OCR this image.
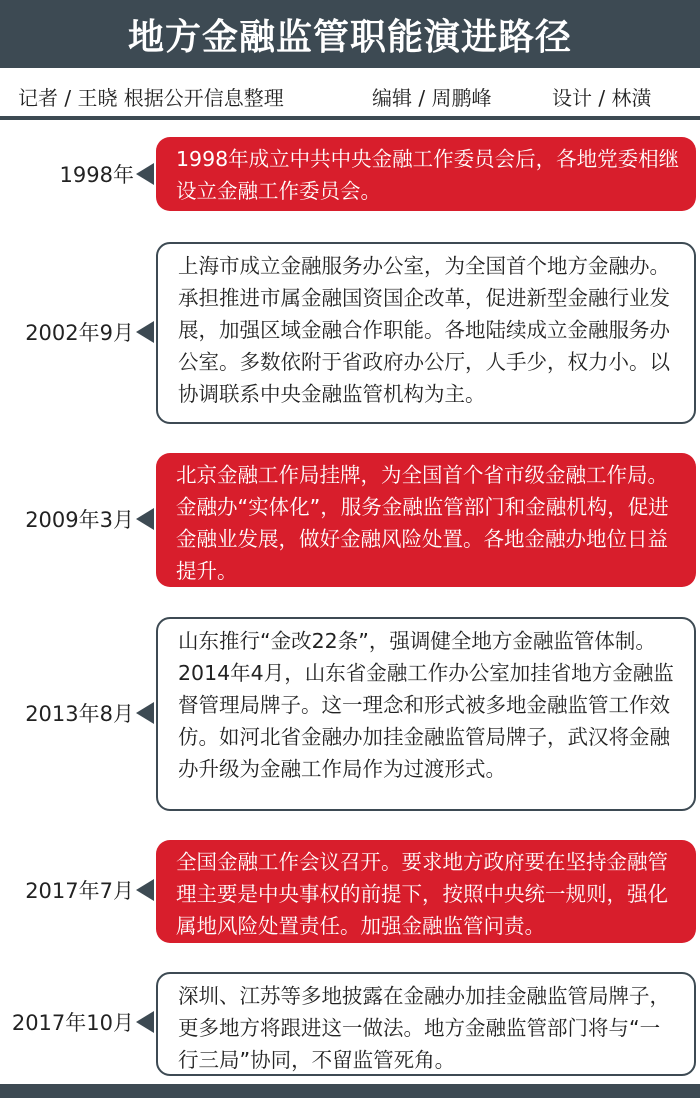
地方金融监管职能演进路径
记者 / 王晓 根据公开信息整理	编辑 / 周鹏峰	设计 / 林潢
1998年
1998年成立中共中央金融工作委员会后，各地党委相继设立金融工作委员会。
2002年9月
上海市成立金融服务办公室，为全国首个地方金融办。承担推进市属金融国资国企改革，促进新型金融行业发展，加强区域金融合作职能。各地陆续成立金融服务办公室。多数依附于省政府办公厅，人手少，权力小。以协调联系中央金融监管机构为主。
2009年3月
北京金融工作局挂牌，为全国首个省市级金融工作局。金融办“实体化”，服务金融监管部门和金融机构，促进金融业发展，做好金融风险处置。各地金融办地位日益提升。
2013年8月
山东推行“金改22条”，强调健全地方金融监管体制。2014年4月，山东省金融工作办公室加挂省地方金融监督管理局牌子。这一理念和形式被多地金融监管工作效仿。如河北省金融办加挂金融监管局牌子，武汉将金融办升级为金融工作局作为过渡形式。
2017年7月
全国金融工作会议召开。要求地方政府要在坚持金融管理主要是中央事权的前提下，按照中央统一规则，强化属地风险处置责任。加强金融监管问责。
2017年10月
深圳、江苏等多地披露在金融办加挂金融监管局牌子，更多地方将跟进这一做法。地方金融监管部门将与“一行三局”协同，不留监管死角。
